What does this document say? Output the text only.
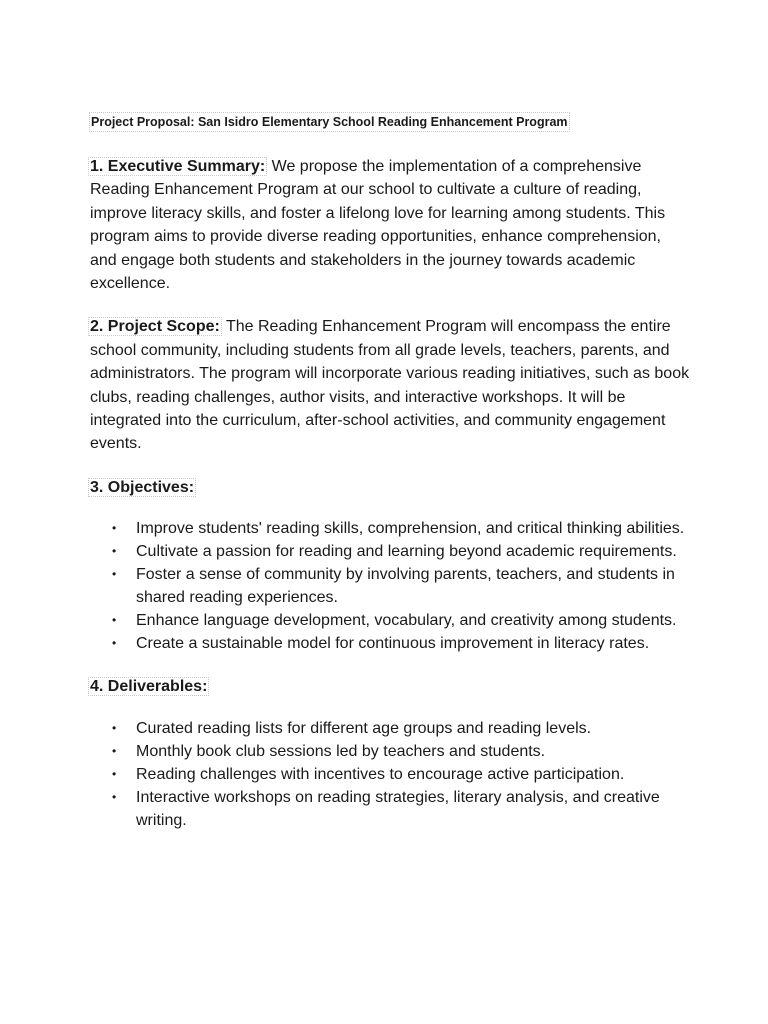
Project Proposal: San Isidro Elementary School Reading Enhancement Program

1. Executive Summary: We propose the implementation of a comprehensive Reading Enhancement Program at our school to cultivate a culture of reading, improve literacy skills, and foster a lifelong love for learning among students. This program aims to provide diverse reading opportunities, enhance comprehension, and engage both students and stakeholders in the journey towards academic excellence.

2. Project Scope: The Reading Enhancement Program will encompass the entire school community, including students from all grade levels, teachers, parents, and administrators. The program will incorporate various reading initiatives, such as book clubs, reading challenges, author visits, and interactive workshops. It will be integrated into the curriculum, after-school activities, and community engagement events.

3. Objectives:

• Improve students' reading skills, comprehension, and critical thinking abilities.
• Cultivate a passion for reading and learning beyond academic requirements.
• Foster a sense of community by involving parents, teachers, and students in shared reading experiences.
• Enhance language development, vocabulary, and creativity among students.
• Create a sustainable model for continuous improvement in literacy rates.

4. Deliverables:

• Curated reading lists for different age groups and reading levels.
• Monthly book club sessions led by teachers and students.
• Reading challenges with incentives to encourage active participation.
• Interactive workshops on reading strategies, literary analysis, and creative writing.
